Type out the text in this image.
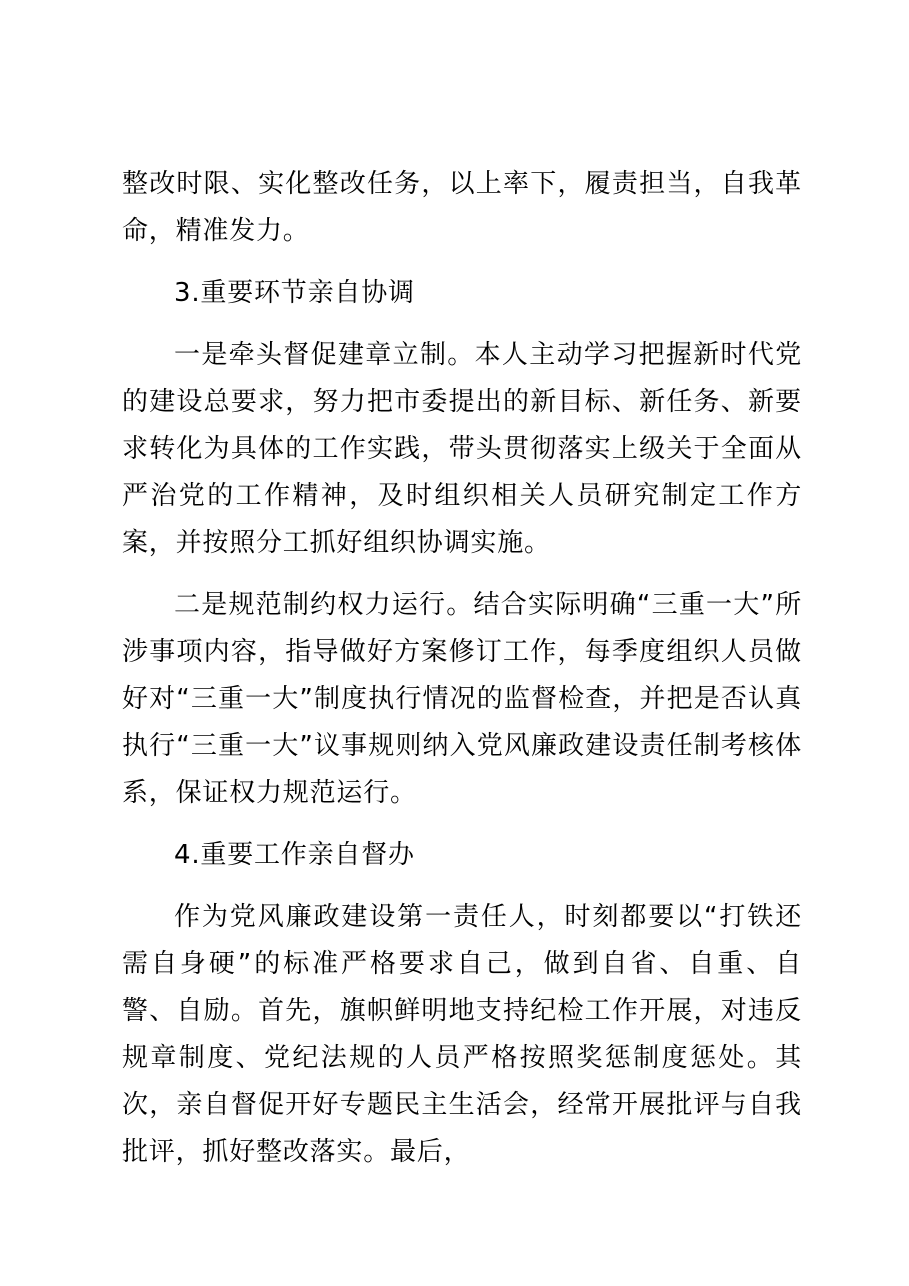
整改时限、实化整改任务，以上率下，履责担当，自我革命，精准发力。

3.重要环节亲自协调

一是牵头督促建章立制。本人主动学习把握新时代党的建设总要求，努力把市委提出的新目标、新任务、新要求转化为具体的工作实践，带头贯彻落实上级关于全面从严治党的工作精神，及时组织相关人员研究制定工作方案，并按照分工抓好组织协调实施。

二是规范制约权力运行。结合实际明确“三重一大”所涉事项内容，指导做好方案修订工作，每季度组织人员做好对“三重一大”制度执行情况的监督检查，并把是否认真执行“三重一大”议事规则纳入党风廉政建设责任制考核体系，保证权力规范运行。

4.重要工作亲自督办

作为党风廉政建设第一责任人，时刻都要以“打铁还需自身硬”的标准严格要求自己，做到自省、自重、自警、自励。首先，旗帜鲜明地支持纪检工作开展，对违反规章制度、党纪法规的人员严格按照奖惩制度惩处。其次，亲自督促开好专题民主生活会，经常开展批评与自我批评，抓好整改落实。最后，
